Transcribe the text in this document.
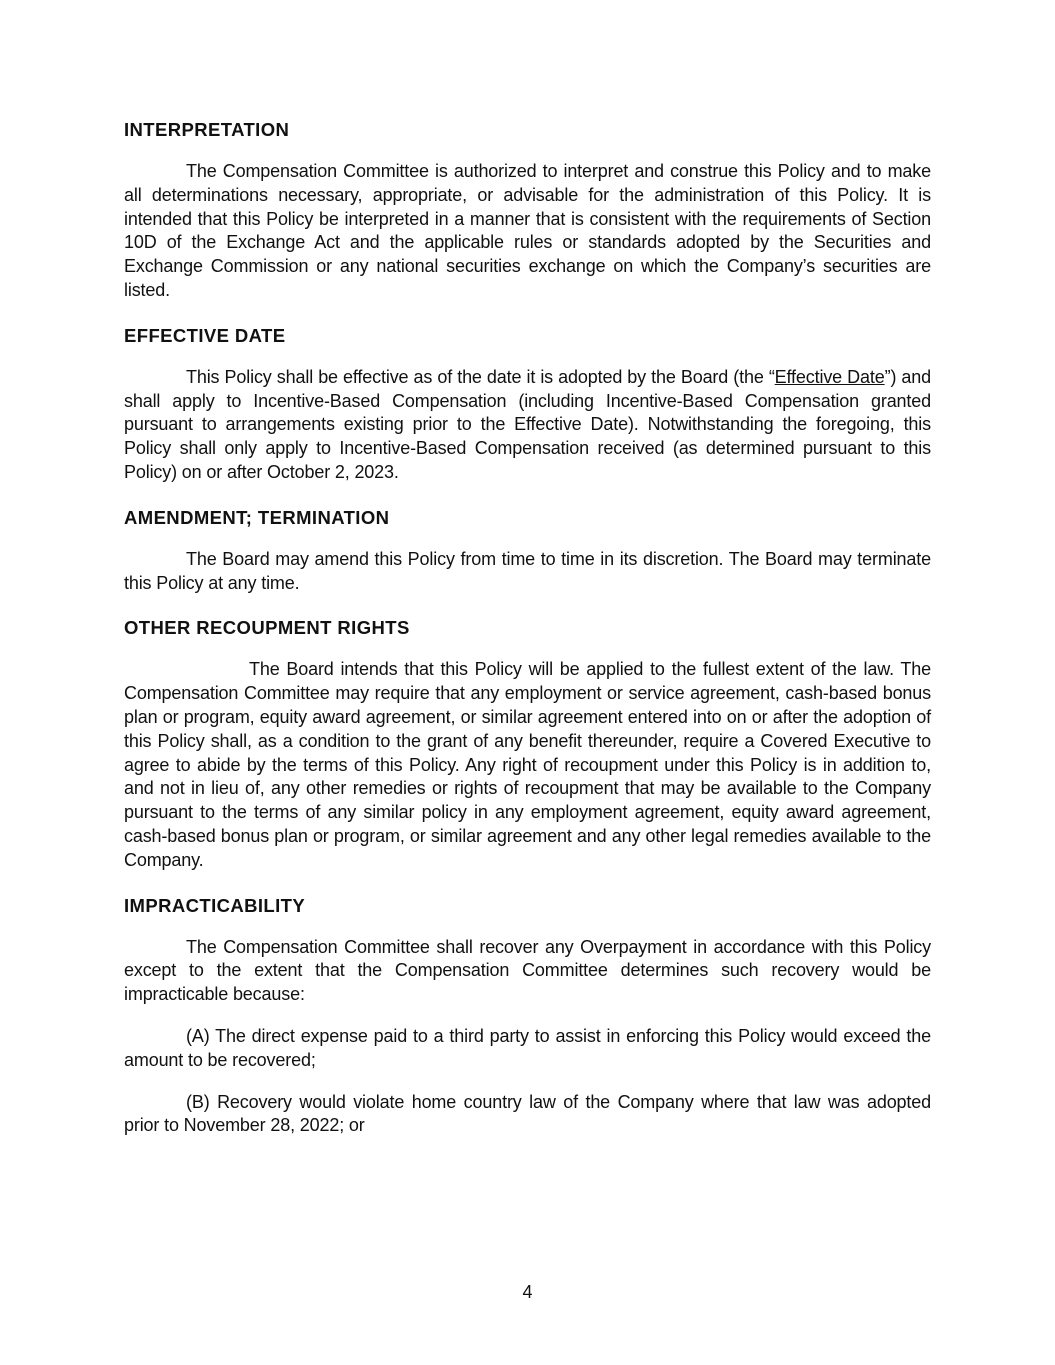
INTERPRETATION

The Compensation Committee is authorized to interpret and construe this Policy and to make all determinations necessary, appropriate, or advisable for the administration of this Policy. It is intended that this Policy be interpreted in a manner that is consistent with the requirements of Section 10D of the Exchange Act and the applicable rules or standards adopted by the Securities and Exchange Commission or any national securities exchange on which the Company’s securities are listed.

EFFECTIVE DATE

This Policy shall be effective as of the date it is adopted by the Board (the “Effective Date”) and shall apply to Incentive-Based Compensation (including Incentive-Based Compensation granted pursuant to arrangements existing prior to the Effective Date). Notwithstanding the foregoing, this Policy shall only apply to Incentive-Based Compensation received (as determined pursuant to this Policy) on or after October 2, 2023.

AMENDMENT; TERMINATION

The Board may amend this Policy from time to time in its discretion. The Board may terminate this Policy at any time.

OTHER RECOUPMENT RIGHTS

The Board intends that this Policy will be applied to the fullest extent of the law. The Compensation Committee may require that any employment or service agreement, cash-based bonus plan or program, equity award agreement, or similar agreement entered into on or after the adoption of this Policy shall, as a condition to the grant of any benefit thereunder, require a Covered Executive to agree to abide by the terms of this Policy. Any right of recoupment under this Policy is in addition to, and not in lieu of, any other remedies or rights of recoupment that may be available to the Company pursuant to the terms of any similar policy in any employment agreement, equity award agreement, cash-based bonus plan or program, or similar agreement and any other legal remedies available to the Company.

IMPRACTICABILITY

The Compensation Committee shall recover any Overpayment in accordance with this Policy except to the extent that the Compensation Committee determines such recovery would be impracticable because:

(A) The direct expense paid to a third party to assist in enforcing this Policy would exceed the amount to be recovered;

(B) Recovery would violate home country law of the Company where that law was adopted prior to November 28, 2022; or

4
